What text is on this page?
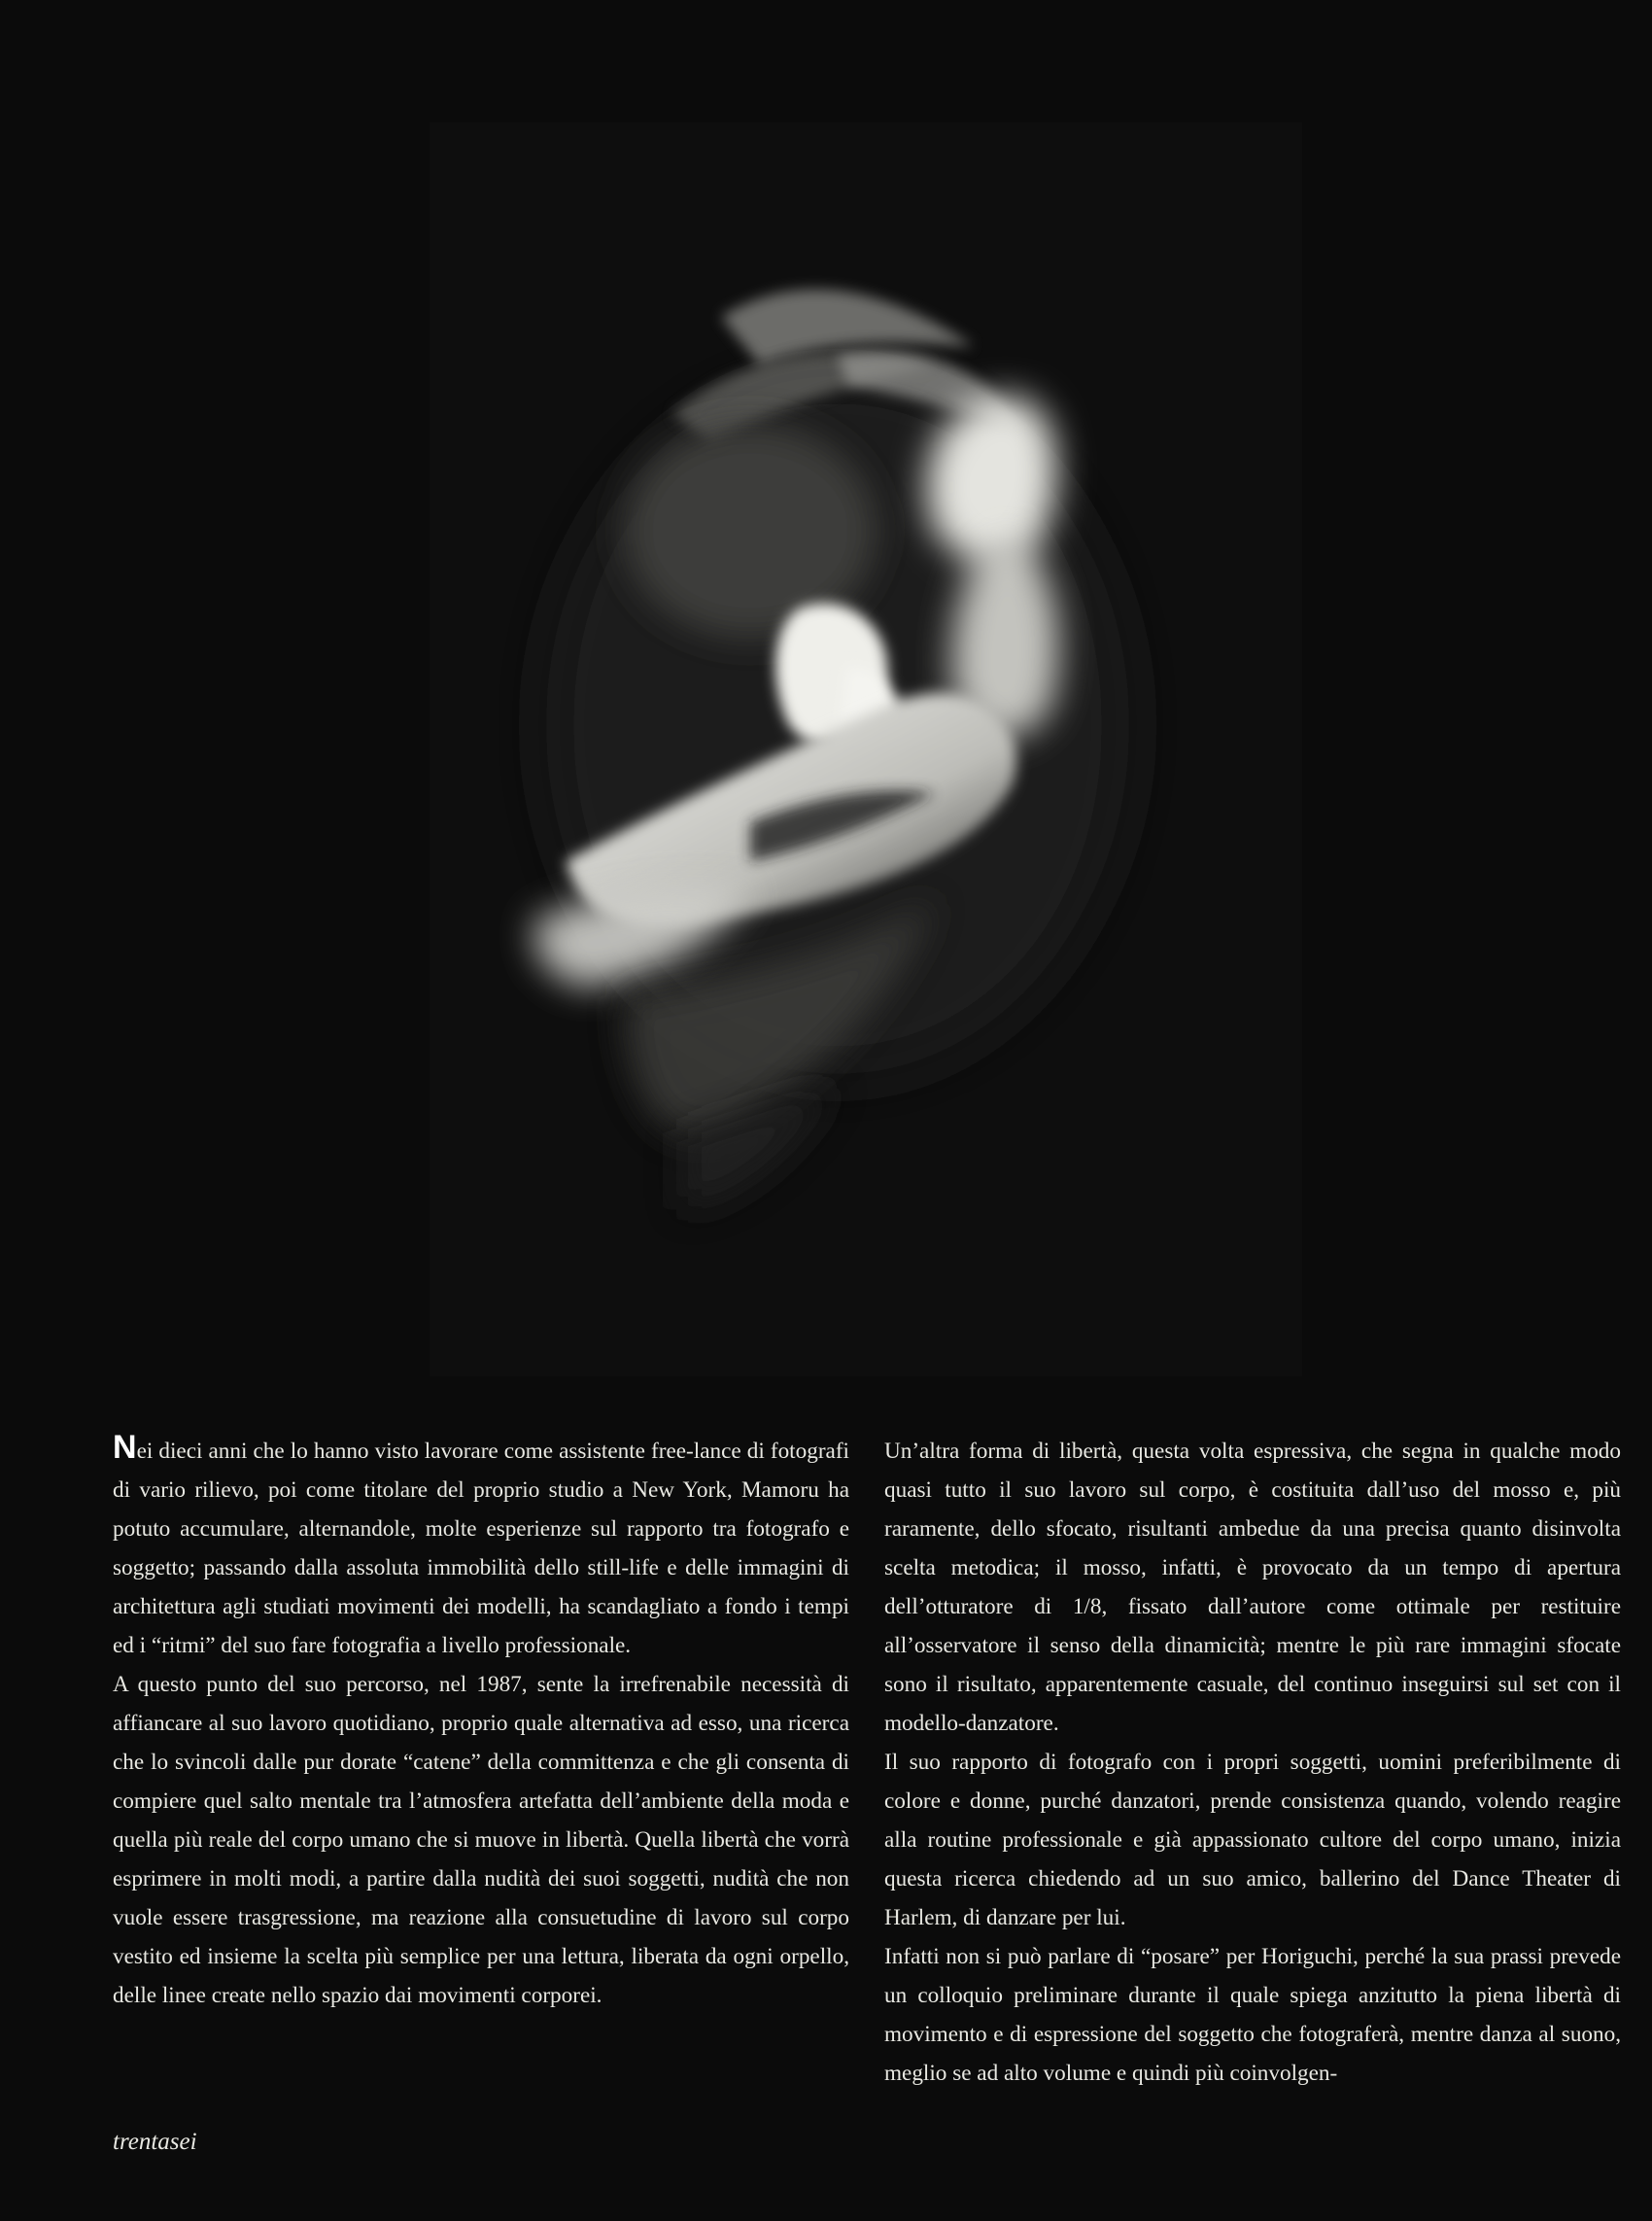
Nei dieci anni che lo hanno visto lavorare come assistente free-lance di fotografi di vario rilievo, poi come titolare del proprio studio a New York, Mamoru ha potuto accumulare, alternandole, molte esperienze sul rapporto tra fotografo e soggetto; passando dalla assoluta immobilità dello still-life e delle immagini di architettura agli studiati movimenti dei modelli, ha scandagliato a fondo i tempi ed i “ritmi” del suo fare fotografia a livello professionale.

A questo punto del suo percorso, nel 1987, sente la irrefrenabile necessità di affiancare al suo lavoro quotidiano, proprio quale alternativa ad esso, una ricerca che lo svincoli dalle pur dorate “catene” della committenza e che gli consenta di compiere quel salto mentale tra l’atmosfera artefatta dell’ambiente della moda e quella più reale del corpo umano che si muove in libertà. Quella libertà che vorrà esprimere in molti modi, a partire dalla nudità dei suoi soggetti, nudità che non vuole essere trasgressione, ma reazione alla consuetudine di lavoro sul corpo vestito ed insieme la scelta più semplice per una lettura, liberata da ogni orpello, delle linee create nello spazio dai movimenti corporei.

Un’altra forma di libertà, questa volta espressiva, che segna in qualche modo quasi tutto il suo lavoro sul corpo, è costituita dall’uso del mosso e, più raramente, dello sfocato, risultanti ambedue da una precisa quanto disinvolta scelta metodica; il mosso, infatti, è provocato da un tempo di apertura dell’otturatore di 1/8, fissato dall’autore come ottimale per restituire all’osservatore il senso della dinamicità; mentre le più rare immagini sfocate sono il risultato, apparentemente casuale, del continuo inseguirsi sul set con il modello-danzatore.

Il suo rapporto di fotografo con i propri soggetti, uomini preferibilmente di colore e donne, purché danzatori, prende consistenza quando, volendo reagire alla routine professionale e già appassionato cultore del corpo umano, inizia questa ricerca chiedendo ad un suo amico, ballerino del Dance Theater di Harlem, di danzare per lui.

Infatti non si può parlare di “posare” per Horiguchi, perché la sua prassi prevede un colloquio preliminare durante il quale spiega anzitutto la piena libertà di movimento e di espressione del soggetto che fotograferà, mentre danza al suono, meglio se ad alto volume e quindi più coinvolgen-

trentasei
